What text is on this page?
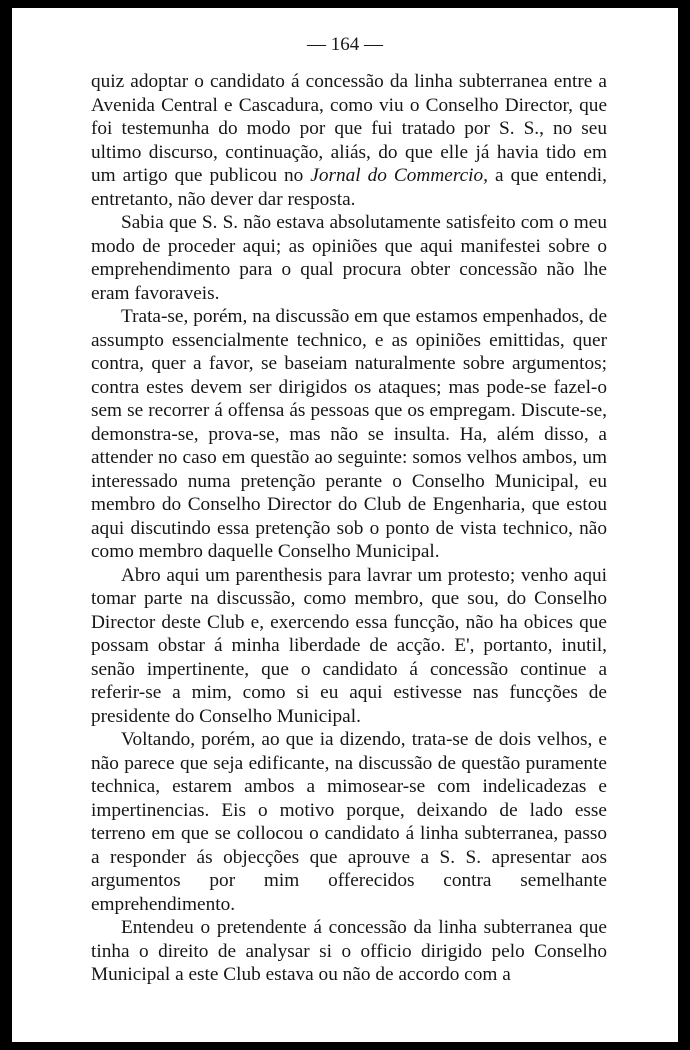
— 164 —

quiz adoptar o candidato á concessão da linha subterranea entre a Avenida Central e Cascadura, como viu o Conselho Director, que foi testemunha do modo por que fui tratado por S. S., no seu ultimo discurso, continuação, aliás, do que elle já havia tido em um artigo que publicou no Jornal do Commercio, a que entendi, entretanto, não dever dar resposta.

Sabia que S. S. não estava absolutamente satisfeito com o meu modo de proceder aqui; as opiniões que aqui manifestei sobre o emprehendimento para o qual procura obter concessão não lhe eram favoraveis.

Trata-se, porém, na discussão em que estamos empenhados, de assumpto essencialmente technico, e as opiniões emittidas, quer contra, quer a favor, se baseiam naturalmente sobre argumentos; contra estes devem ser dirigidos os ataques; mas pode-se fazel-o sem se recorrer á offensa ás pessoas que os empregam. Discute-se, demonstra-se, prova-se, mas não se insulta. Ha, além disso, a attender no caso em questão ao seguinte: somos velhos ambos, um interessado numa pretenção perante o Conselho Municipal, eu membro do Conselho Director do Club de Engenharia, que estou aqui discutindo essa pretenção sob o ponto de vista technico, não como membro daquelle Conselho Municipal.

Abro aqui um parenthesis para lavrar um protesto; venho aqui tomar parte na discussão, como membro, que sou, do Conselho Director deste Club e, exercendo essa funcção, não ha obices que possam obstar á minha liberdade de acção. E', portanto, inutil, senão impertinente, que o candidato á concessão continue a referir-se a mim, como si eu aqui estivesse nas funcções de presidente do Conselho Municipal.

Voltando, porém, ao que ia dizendo, trata-se de dois velhos, e não parece que seja edificante, na discussão de questão puramente technica, estarem ambos a mimosear-se com indelicadezas e impertinencias. Eis o motivo porque, deixando de lado esse terreno em que se collocou o candidato á linha subterranea, passo a responder ás objecções que aprouve a S. S. apresentar aos argumentos por mim offerecidos contra semelhante emprehendimento.

Entendeu o pretendente á concessão da linha subterranea que tinha o direito de analysar si o officio dirigido pelo Conselho Municipal a este Club estava ou não de accordo com a
